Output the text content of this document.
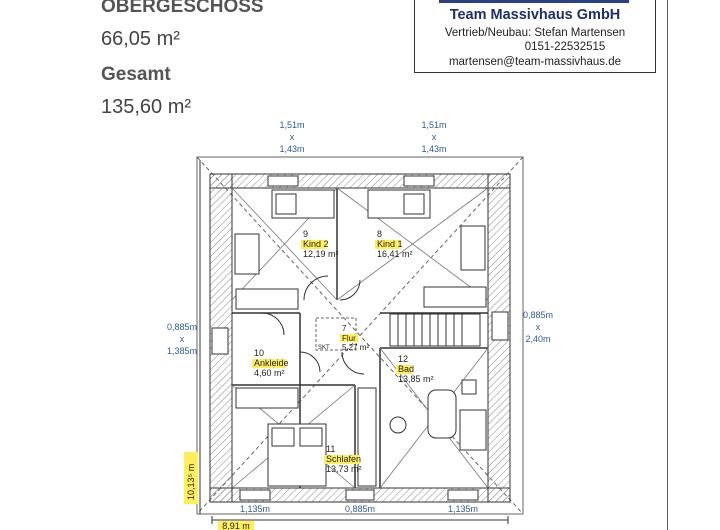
OBERGESCHOSS
66,05 m²
Gesamt
135,60 m²
Team Massivhaus GmbH
Vertrieb/Neubau: Stefan Martensen
0151-22532515
martensen@team-massivhaus.de
9
Kind 2
12,19 m²
8
Kind 1
16,41 m²
7
Flur
5,27 m²
SKT
10
Ankleide
4,60 m²
12
Bad
13,85 m²
11
Schlafen
13,73 m²
1,51m
x
1,43m
1,51m
x
1,43m
0,885m
x
1,385m
0,885m
x
2,40m
1,135m	0,885m	1,135m
10,13⁵ m
8,91 m
